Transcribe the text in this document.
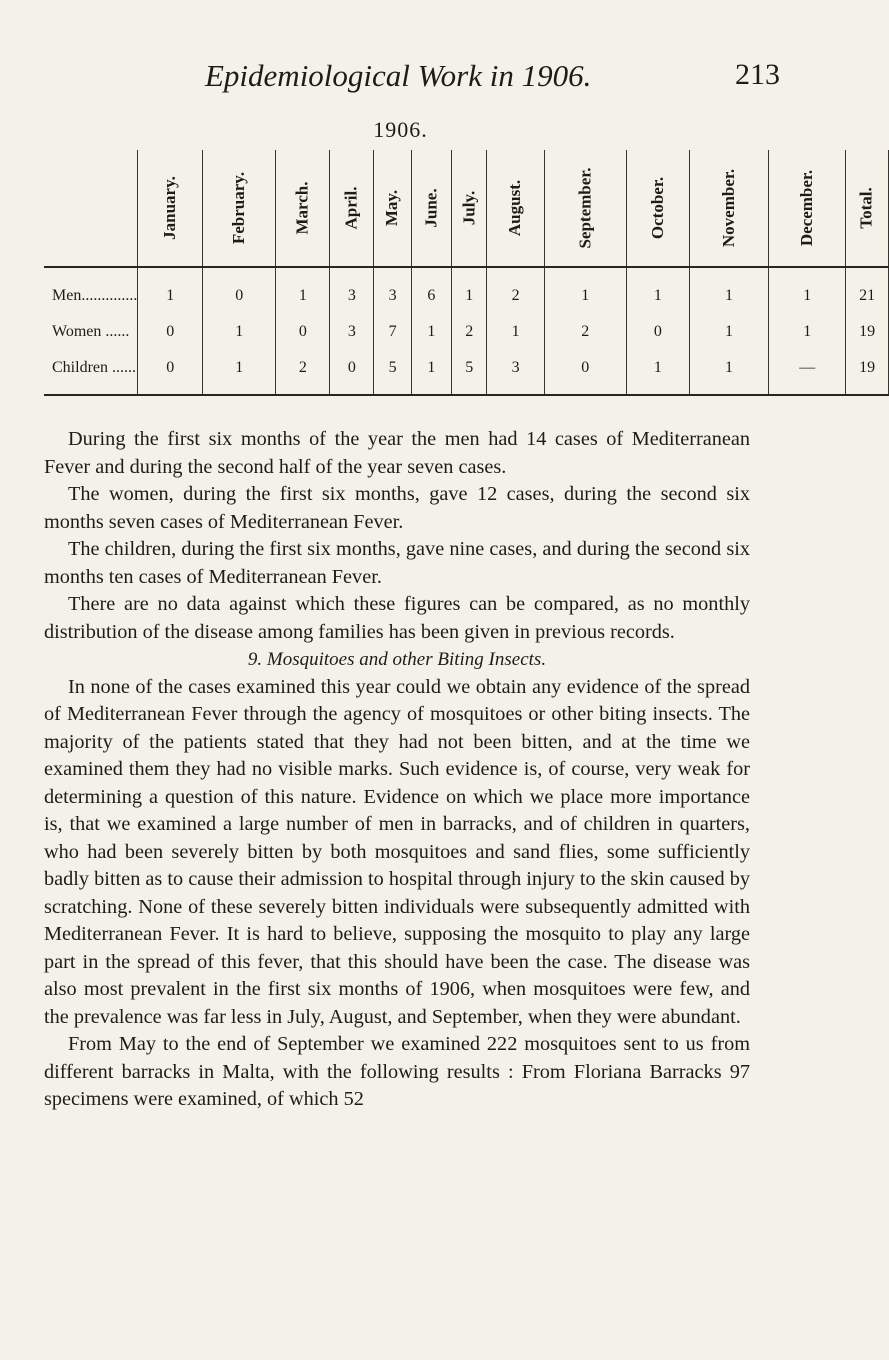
Epidemiological Work in 1906.	213
1906.
	January.	February.	March.	April.	May.	June.	July.	August.	September.	October.	November.	December.	Total.
Men..............	1	0	1	3	3	6	1	2	1	1	1	1	21
Women ......	0	1	0	3	7	1	2	1	2	0	1	1	19
Children ......	0	1	2	0	5	1	5	3	0	1	1	—	19

During the first six months of the year the men had 14 cases of Mediterranean Fever and during the second half of the year seven cases.

The women, during the first six months, gave 12 cases, during the second six months seven cases of Mediterranean Fever.

The children, during the first six months, gave nine cases, and during the second six months ten cases of Mediterranean Fever.

There are no data against which these figures can be compared, as no monthly distribution of the disease among families has been given in previous records.

9. Mosquitoes and other Biting Insects.

In none of the cases examined this year could we obtain any evidence of the spread of Mediterranean Fever through the agency of mosquitoes or other biting insects. The majority of the patients stated that they had not been bitten, and at the time we examined them they had no visible marks. Such evidence is, of course, very weak for determining a question of this nature. Evidence on which we place more importance is, that we examined a large number of men in barracks, and of children in quarters, who had been severely bitten by both mosquitoes and sand flies, some sufficiently badly bitten as to cause their admission to hospital through injury to the skin caused by scratching. None of these severely bitten individuals were subsequently admitted with Mediterranean Fever. It is hard to believe, supposing the mosquito to play any large part in the spread of this fever, that this should have been the case. The disease was also most prevalent in the first six months of 1906, when mosquitoes were few, and the prevalence was far less in July, August, and September, when they were abundant.

From May to the end of September we examined 222 mosquitoes sent to us from different barracks in Malta, with the following results : From Floriana Barracks 97 specimens were examined, of which 52
